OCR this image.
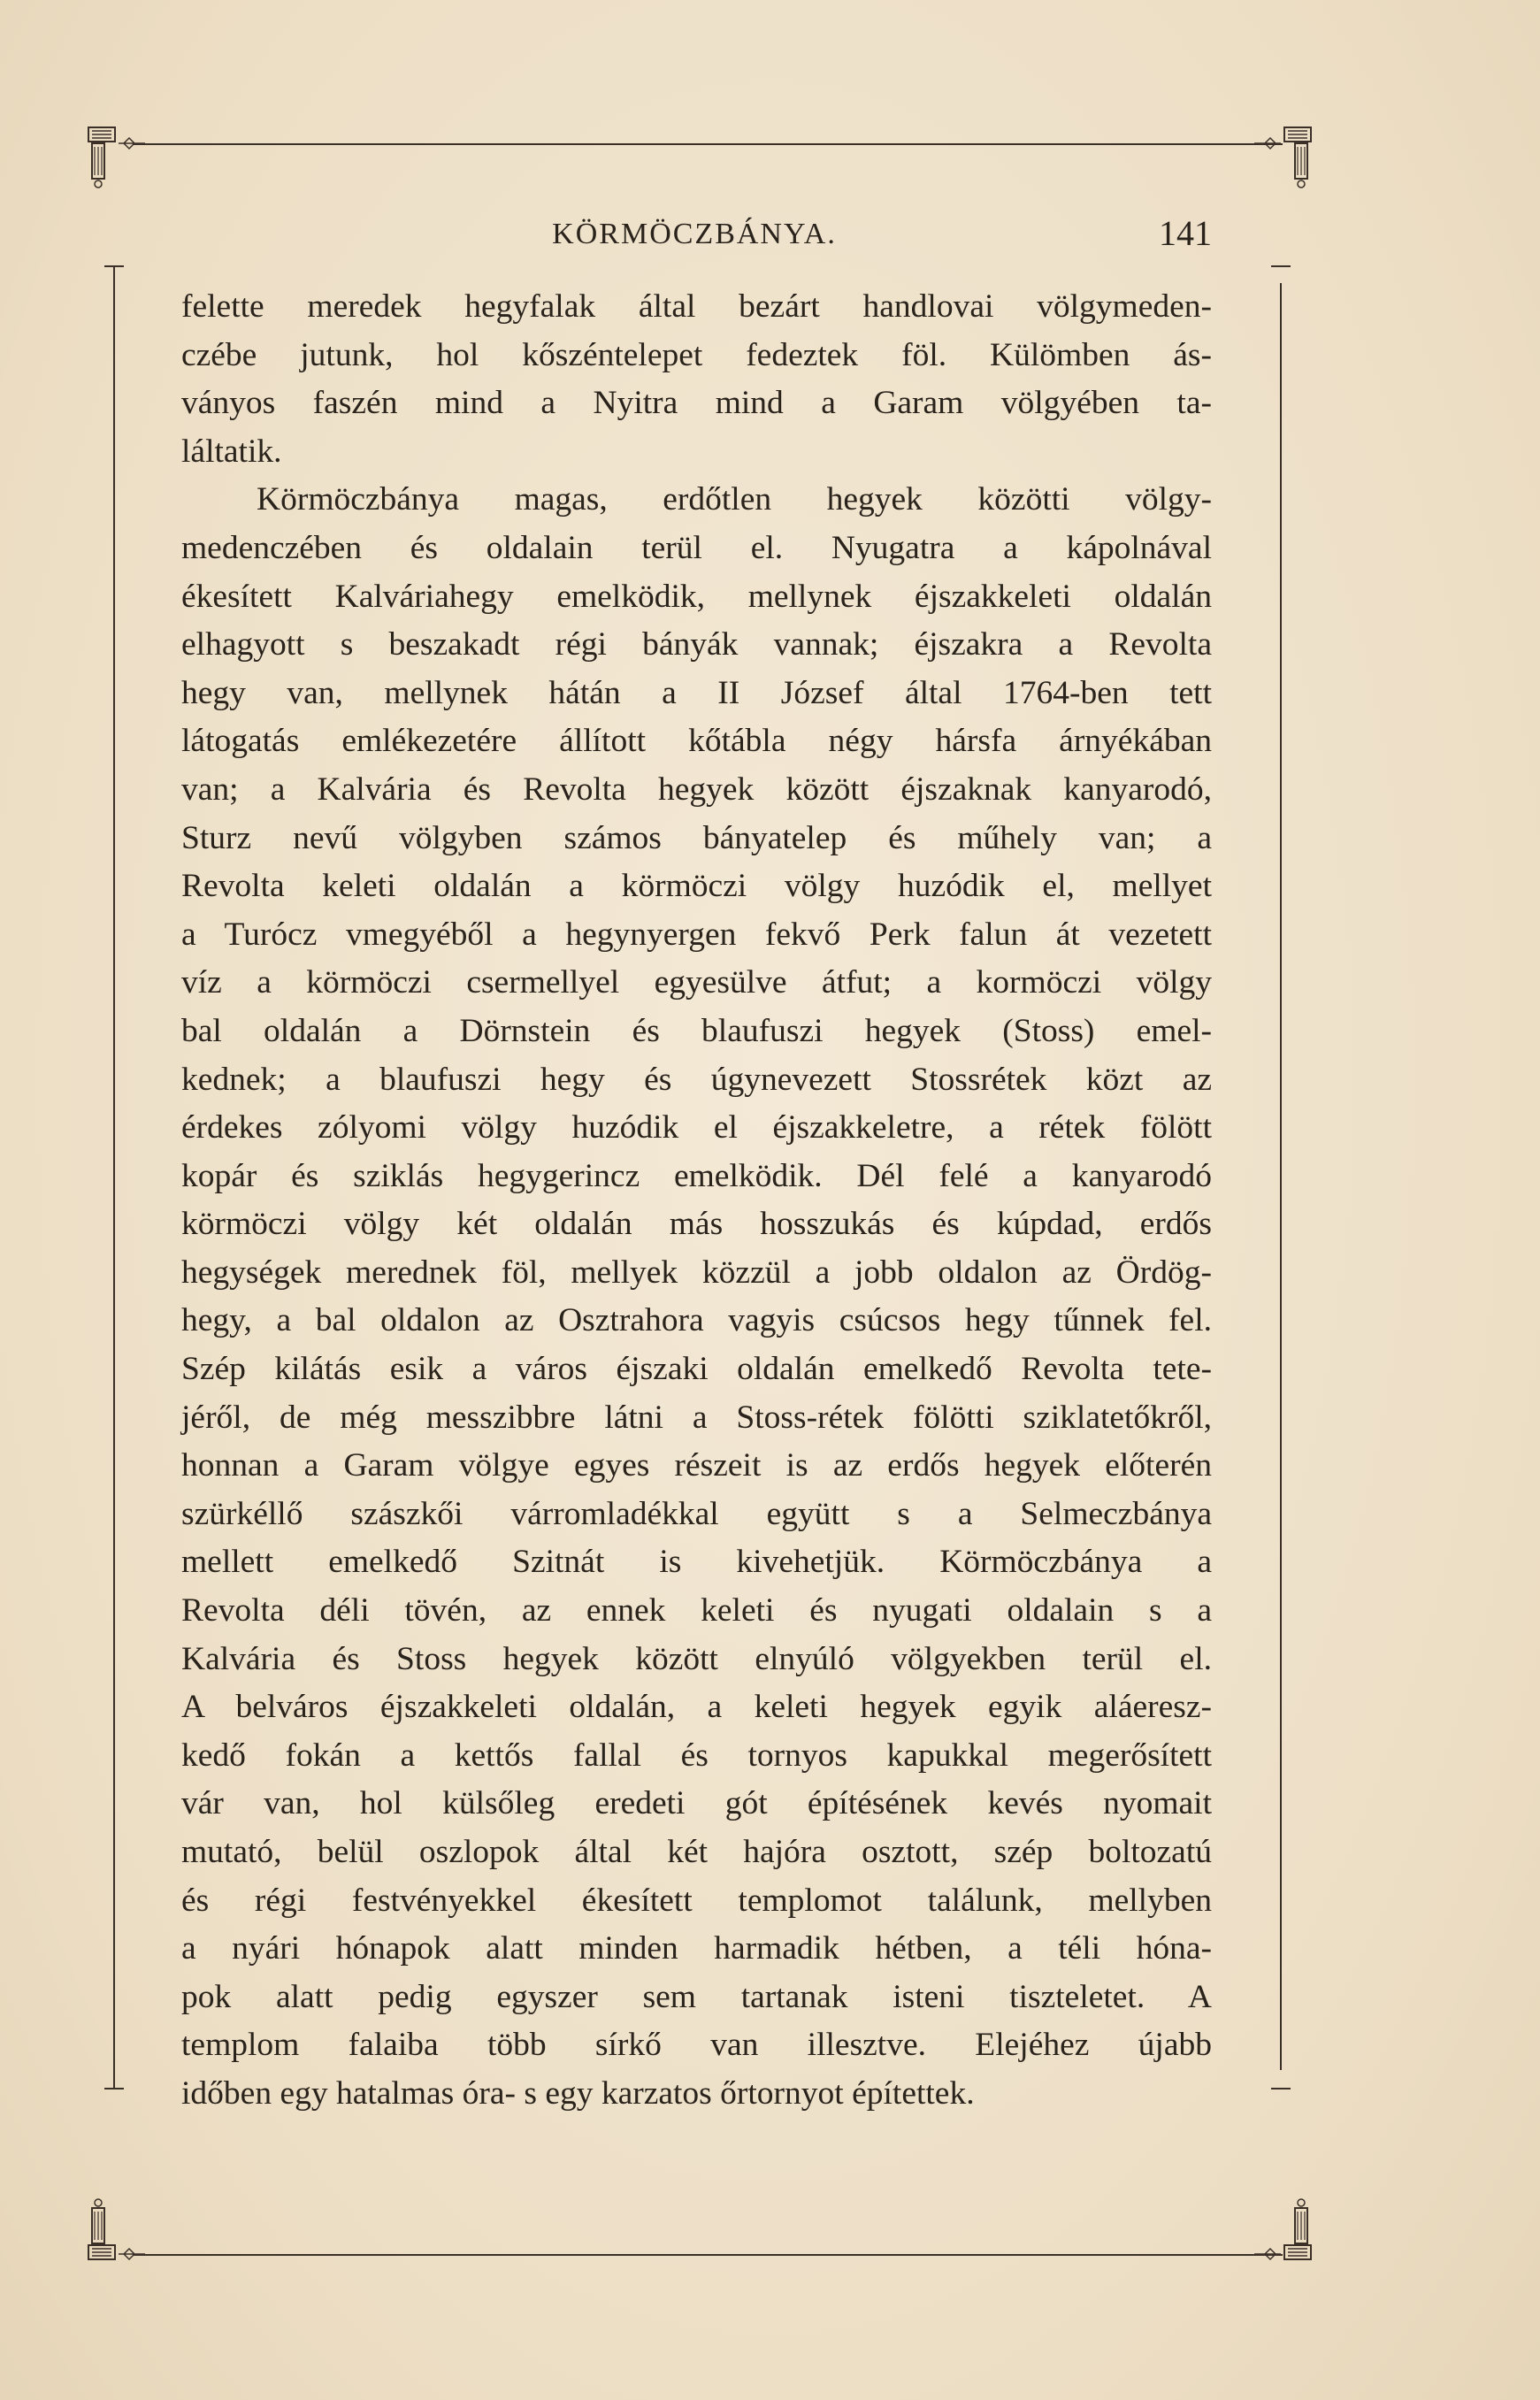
KÖRMÖCZBÁNYA.	141
felette meredek hegyfalak által bezárt handlovai völgymeden-
czébe jutunk, hol kőszéntelepet fedeztek föl. Külömben ás-
ványos faszén mind a Nyitra mind a Garam völgyében ta-
láltatik.
Körmöczbánya magas, erdőtlen hegyek közötti völgy-
medenczében és oldalain terül el. Nyugatra a kápolnával
ékesített Kalváriahegy emelködik, mellynek éjszakkeleti oldalán
elhagyott s beszakadt régi bányák vannak; éjszakra a Revolta
hegy van, mellynek hátán a II József által 1764-ben tett
látogatás emlékezetére állított kőtábla négy hársfa árnyékában
van; a Kalvária és Revolta hegyek között éjszaknak kanyarodó,
Sturz nevű völgyben számos bányatelep és műhely van; a
Revolta keleti oldalán a körmöczi völgy huzódik el, mellyet
a Turócz vmegyéből a hegynyergen fekvő Perk falun át vezetett
víz a körmöczi csermellyel egyesülve átfut; a kormöczi völgy
bal oldalán a Dörnstein és blaufuszi hegyek (Stoss) emel-
kednek; a blaufuszi hegy és úgynevezett Stossrétek közt az
érdekes zólyomi völgy huzódik el éjszakkeletre, a rétek fölött
kopár és sziklás hegygerincz emelködik. Dél felé a kanyarodó
körmöczi völgy két oldalán más hosszukás és kúpdad, erdős
hegységek merednek föl, mellyek közzül a jobb oldalon az Ördög-
hegy, a bal oldalon az Osztrahora vagyis csúcsos hegy tűnnek fel.
Szép kilátás esik a város éjszaki oldalán emelkedő Revolta tete-
jéről, de még messzibbre látni a Stoss-rétek fölötti sziklatetőkről,
honnan a Garam völgye egyes részeit is az erdős hegyek előterén
szürkéllő szászkői várromladékkal együtt s a Selmeczbánya
mellett emelkedő Szitnát is kivehetjük. Körmöczbánya a
Revolta déli tövén, az ennek keleti és nyugati oldalain s a
Kalvária és Stoss hegyek között elnyúló völgyekben terül el.
A belváros éjszakkeleti oldalán, a keleti hegyek egyik aláeresz-
kedő fokán a kettős fallal és tornyos kapukkal megerősített
vár van, hol külsőleg eredeti gót építésének kevés nyomait
mutató, belül oszlopok által két hajóra osztott, szép boltozatú
és régi festvényekkel ékesített templomot találunk, mellyben
a nyári hónapok alatt minden harmadik hétben, a téli hóna-
pok alatt pedig egyszer sem tartanak isteni tiszteletet. A
templom falaiba több sírkő van illesztve. Elejéhez újabb
időben egy hatalmas óra- s egy karzatos őrtornyot építettek.
